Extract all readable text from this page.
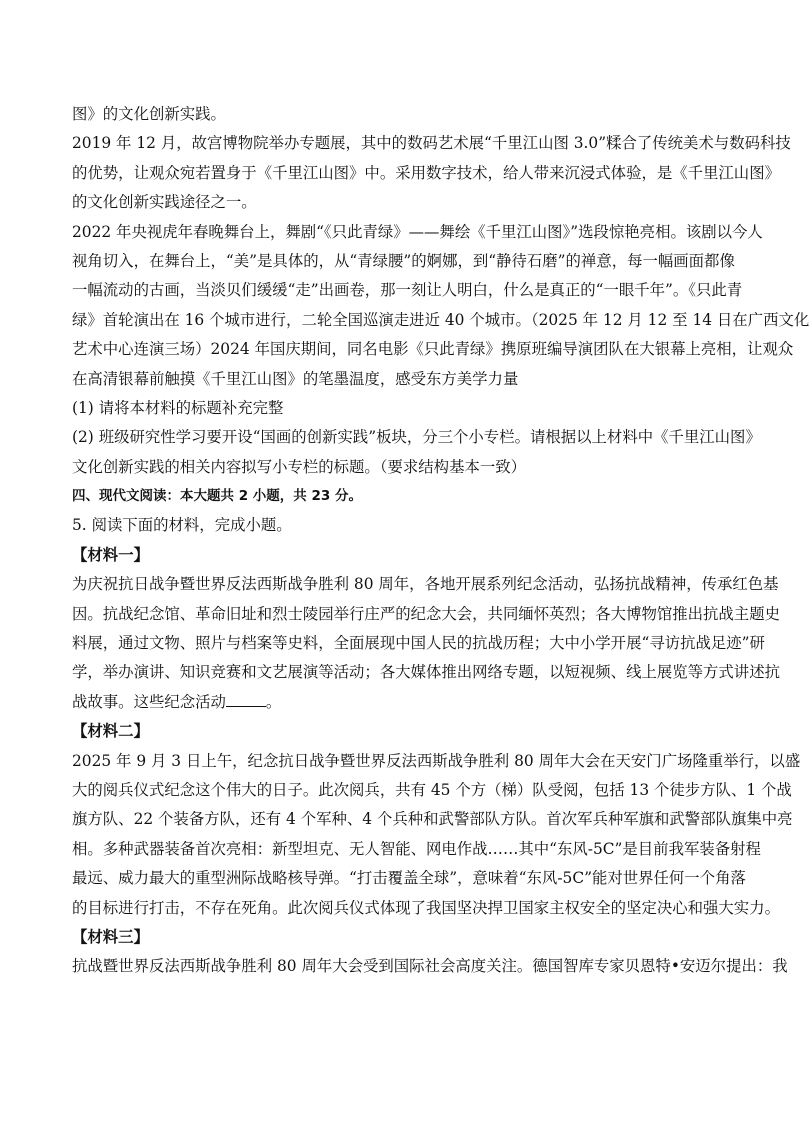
图》的文化创新实践。
2019 年 12 月，故宫博物院举办专题展，其中的数码艺术展“千里江山图 3.0”糅合了传统美术与数码科技
的优势，让观众宛若置身于《千里江山图》中。采用数字技术，给人带来沉浸式体验，是《千里江山图》
的文化创新实践途径之一。
2022 年央视虎年春晚舞台上，舞剧“《只此青绿》——舞绘《千里江山图》”选段惊艳亮相。该剧以今人
视角切入，在舞台上，“美”是具体的，从“青绿腰”的婀娜，到“静待石磨”的禅意，每一幅画面都像
一幅流动的古画，当淡贝们缓缓“走”出画卷，那一刻让人明白，什么是真正的“一眼千年”。《只此青
绿》首轮演出在 16 个城市进行，二轮全国巡演走进近 40 个城市。（2025 年 12 月 12 至 14 日在广西文化
艺术中心连演三场）2024 年国庆期间，同名电影《只此青绿》携原班编导演团队在大银幕上亮相，让观众
在高清银幕前触摸《千里江山图》的笔墨温度，感受东方美学力量
(1) 请将本材料的标题补充完整
(2) 班级研究性学习要开设“国画的创新实践”板块，分三个小专栏。请根据以上材料中《千里江山图》
文化创新实践的相关内容拟写小专栏的标题。（要求结构基本一致）
四、现代文阅读：本大题共 2 小题，共 23 分。
5. 阅读下面的材料，完成小题。
【材料一】
为庆祝抗日战争暨世界反法西斯战争胜利 80 周年，各地开展系列纪念活动，弘扬抗战精神，传承红色基
因。抗战纪念馆、革命旧址和烈士陵园举行庄严的纪念大会，共同缅怀英烈；各大博物馆推出抗战主题史
料展，通过文物、照片与档案等史料，全面展现中国人民的抗战历程；大中小学开展“寻访抗战足迹”研
学，举办演讲、知识竞赛和文艺展演等活动；各大媒体推出网络专题，以短视频、线上展览等方式讲述抗
战故事。这些纪念活动	。
【材料二】
2025 年 9 月 3 日上午，纪念抗日战争暨世界反法西斯战争胜利 80 周年大会在天安门广场隆重举行，以盛
大的阅兵仪式纪念这个伟大的日子。此次阅兵，共有 45 个方（梯）队受阅，包括 13 个徒步方队、1 个战
旗方队、22 个装备方队，还有 4 个军种、4 个兵种和武警部队方队。首次军兵种军旗和武警部队旗集中亮
相。多种武器装备首次亮相：新型坦克、无人智能、网电作战……其中“东风-5C”是目前我军装备射程
最远、威力最大的重型洲际战略核导弹。“打击覆盖全球”，意味着“东风-5C”能对世界任何一个角落
的目标进行打击，不存在死角。此次阅兵仪式体现了我国坚决捍卫国家主权安全的坚定决心和强大实力。
【材料三】
抗战暨世界反法西斯战争胜利 80 周年大会受到国际社会高度关注。德国智库专家贝恩特•安迈尔提出：我
